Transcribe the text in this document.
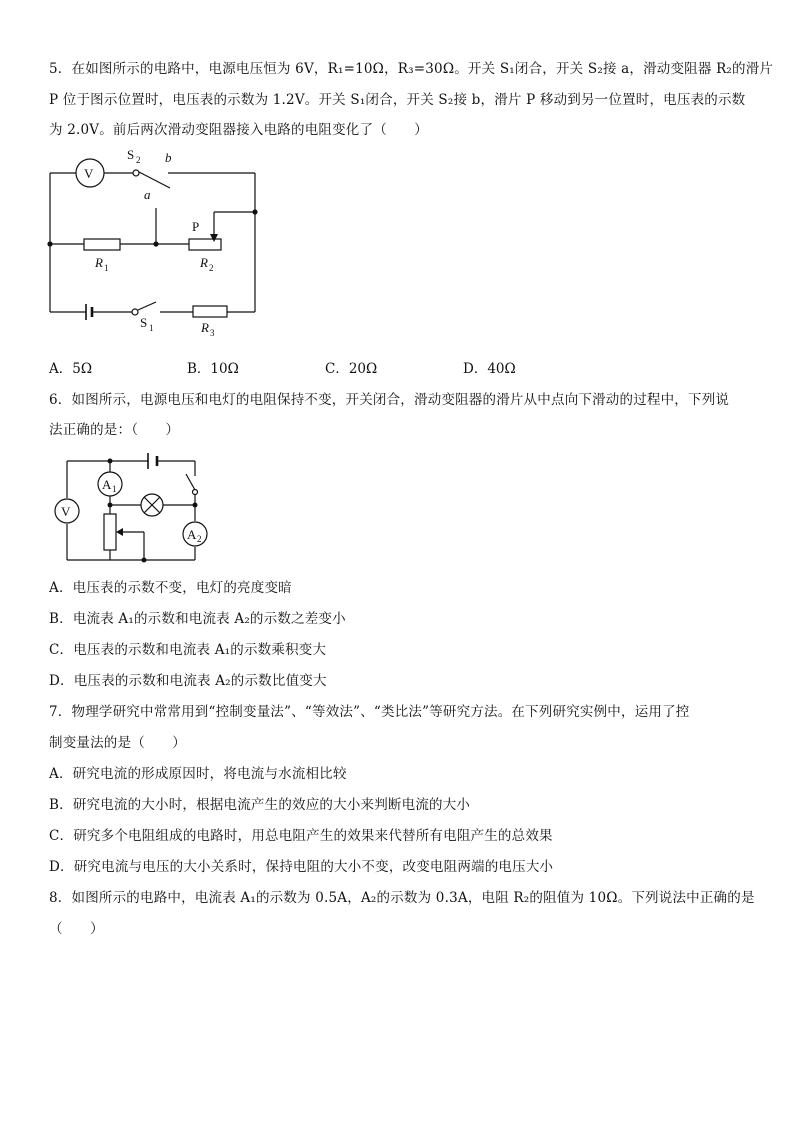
5．在如图所示的电路中，电源电压恒为 6V，R₁=10Ω，R₃=30Ω。开关 S₁闭合，开关 S₂接 a，滑动变阻器 R₂的滑片
P 位于图示位置时，电压表的示数为 1.2V。开关 S₁闭合，开关 S₂接 b，滑片 P 移动到另一位置时，电压表的示数
为 2.0V。前后两次滑动变阻器接入电路的电阻变化了（　　）
V
S 2 b
a
P
R 1	R 2
S 1	R 3
A．5Ω	B．10Ω	C．20Ω	D．40Ω
6．如图所示，电源电压和电灯的电阻保持不变，开关闭合，滑动变阻器的滑片从中点向下滑动的过程中，下列说
法正确的是：（　　）
V
A 1
A 2
A．电压表的示数不变，电灯的亮度变暗
B．电流表 A₁的示数和电流表 A₂的示数之差变小
C．电压表的示数和电流表 A₁的示数乘积变大
D．电压表的示数和电流表 A₂的示数比值变大
7．物理学研究中常常用到“控制变量法”、“等效法”、“类比法”等研究方法。在下列研究实例中，运用了控
制变量法的是（　　）
A．研究电流的形成原因时，将电流与水流相比较
B．研究电流的大小时，根据电流产生的效应的大小来判断电流的大小
C．研究多个电阻组成的电路时，用总电阻产生的效果来代替所有电阻产生的总效果
D．研究电流与电压的大小关系时，保持电阻的大小不变，改变电阻两端的电压大小
8．如图所示的电路中，电流表 A₁的示数为 0.5A，A₂的示数为 0.3A，电阻 R₂的阻值为 10Ω。下列说法中正确的是
（　　）
